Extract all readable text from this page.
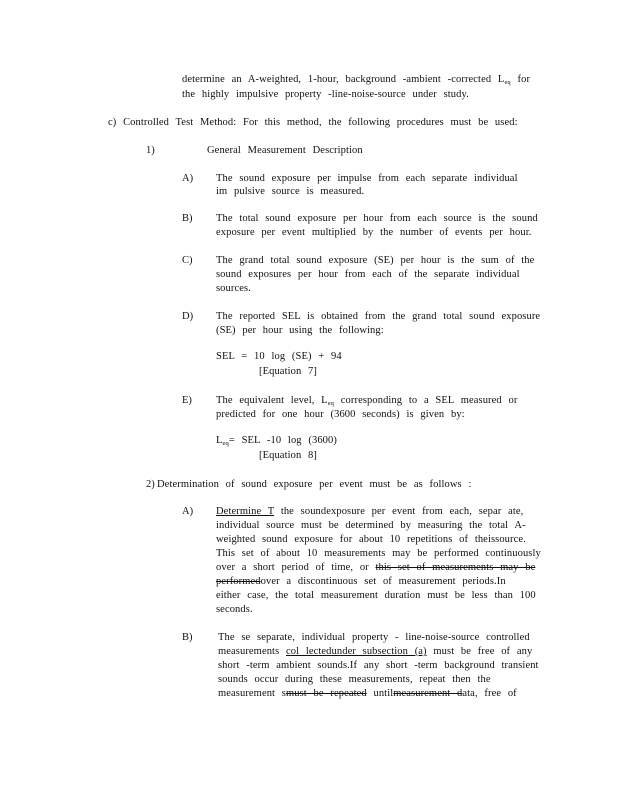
determine an A-weighted, 1-hour, background -ambient -corrected $L_{eq}$ for
the highly impulsive property -line-noise-source under study.
c) Controlled Test Method: For this method, the following procedures must be used:
1)	General Measurement Description
A) The sound exposure per impulse from each separate individual
im pulsive source is measured.
B) The total sound exposure per hour from each source is the sound
exposure per event multiplied by the number of events per hour.
C) The grand total sound exposure (SE) per hour is the sum of the
sound exposures per hour from each of the separate individual
sources.
D) The reported SEL is obtained from the grand total sound exposure
(SE) per hour using the following:
SEL = 10 log (SE) + 94
[Equation 7]
E) The equivalent level, $L_{eq}$ corresponding to a SEL measured or
predicted for one hour (3600 seconds) is given by:
$L_{eq}=$ SEL -10 log (3600)
[Equation 8]
2) Determination of sound exposure per event must be as follows :
A) Determine T the soundexposure per event from each, separ ate,
individual source must be determined by measuring the total A-
weighted sound exposure for about 10 repetitions of theissource.
This set of about 10 measurements may be performed continuously
over a short period of time, or this set of measurements may be
performedover a discontinuous set of measurement periods.In
either case, the total measurement duration must be less than 100
seconds.
B) The se separate, individual property - line-noise-source controlled
measurements col lectedunder subsection (a) must be free of any
short -term ambient sounds.If any short -term background transient
sounds occur during these measurements, repeat then the
measurement smust be repeated untilmeasurement data, free of
